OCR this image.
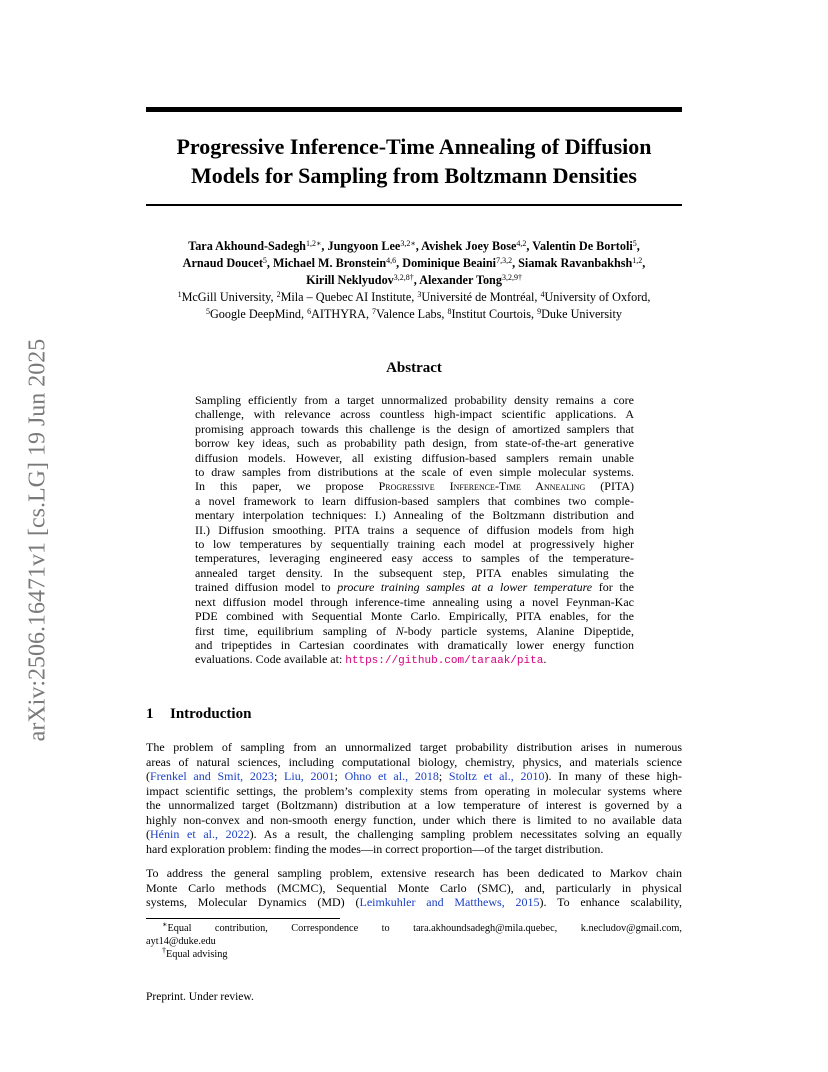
arXiv:2506.16471v1 [cs.LG] 19 Jun 2025
Progressive Inference-Time Annealing of Diffusion
Models for Sampling from Boltzmann Densities
Tara Akhound-Sadegh$^{1,2∗}$, Jungyoon Lee$^{3,2∗}$, Avishek Joey Bose$^{4,2}$, Valentin De Bortoli$^5$,
Arnaud Doucet$^5$, Michael M. Bronstein$^{4,6}$, Dominique Beaini$^{7,3,2}$, Siamak Ravanbakhsh$^{1,2}$,
Kirill Neklyudov$^{3,2,8\dagger}$, Alexander Tong$^{3,2,9\dagger}$
$^1$McGill University, $^2$Mila – Quebec AI Institute, $^3$Université de Montréal, $^4$University of Oxford,
$^5$Google DeepMind, $^6$AITHYRA, $^7$Valence Labs, $^8$Institut Courtois, $^9$Duke University
Abstract
Sampling efficiently from a target unnormalized probability density remains a core
challenge, with relevance across countless high-impact scientific applications. A
promising approach towards this challenge is the design of amortized samplers that
borrow key ideas, such as probability path design, from state-of-the-art generative
diffusion models. However, all existing diffusion-based samplers remain unable
to draw samples from distributions at the scale of even simple molecular systems.
In this paper, we propose Progressive Inference-Time Annealing (PITA)
a novel framework to learn diffusion-based samplers that combines two comple-
mentary interpolation techniques: I.) Annealing of the Boltzmann distribution and
II.) Diffusion smoothing. PITA trains a sequence of diffusion models from high
to low temperatures by sequentially training each model at progressively higher
temperatures, leveraging engineered easy access to samples of the temperature-
annealed target density. In the subsequent step, PITA enables simulating the
trained diffusion model to procure training samples at a lower temperature for the
next diffusion model through inference-time annealing using a novel Feynman-Kac
PDE combined with Sequential Monte Carlo. Empirically, PITA enables, for the
first time, equilibrium sampling of N-body particle systems, Alanine Dipeptide,
and tripeptides in Cartesian coordinates with dramatically lower energy function
evaluations. Code available at: https://github.com/taraak/pita.
1 Introduction
The problem of sampling from an unnormalized target probability distribution arises in numerous
areas of natural sciences, including computational biology, chemistry, physics, and materials science
(Frenkel and Smit, 2023; Liu, 2001; Ohno et al., 2018; Stoltz et al., 2010). In many of these high-
impact scientific settings, the problem’s complexity stems from operating in molecular systems where
the unnormalized target (Boltzmann) distribution at a low temperature of interest is governed by a
highly non-convex and non-smooth energy function, under which there is limited to no available data
(Hénin et al., 2022). As a result, the challenging sampling problem necessitates solving an equally
hard exploration problem: finding the modes—in correct proportion—of the target distribution.
To address the general sampling problem, extensive research has been dedicated to Markov chain
Monte Carlo methods (MCMC), Sequential Monte Carlo (SMC), and, particularly in physical
systems, Molecular Dynamics (MD) (Leimkuhler and Matthews, 2015). To enhance scalability,
∗Equal contribution, Correspondence to tara.akhoundsadegh@mila.quebec, k.necludov@gmail.com,
ayt14@duke.edu
†Equal advising
Preprint. Under review.
